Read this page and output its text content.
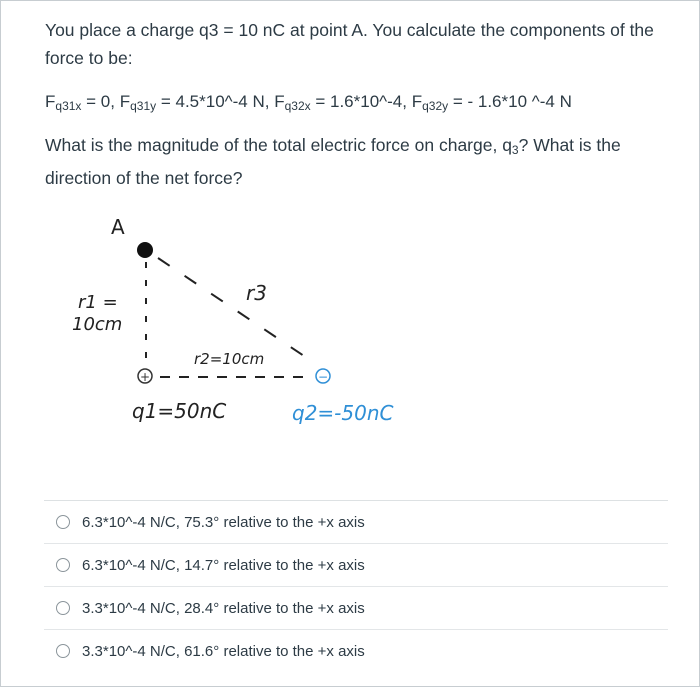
You place a charge q3 = 10 nC at point A. You calculate the components of the force to be:

$F_{q31x} = 0$, $F_{q31y}$ = 4.5*10^-4 N, $F_{q32x}$ = 1.6*10^-4, $F_{q32y}$ = - 1.6*10 ^-4 N

What is the magnitude of the total electric force on charge, $q_3$? What is the direction of the net force?

A
+	−
r3
r1 =
10cm
r2=10cm
q1=50nC	q2=-50nC
6.3*10^-4 N/C, 75.3° relative to the +x axis
6.3*10^-4 N/C, 14.7° relative to the +x axis
3.3*10^-4 N/C, 28.4° relative to the +x axis
3.3*10^-4 N/C, 61.6° relative to the +x axis
